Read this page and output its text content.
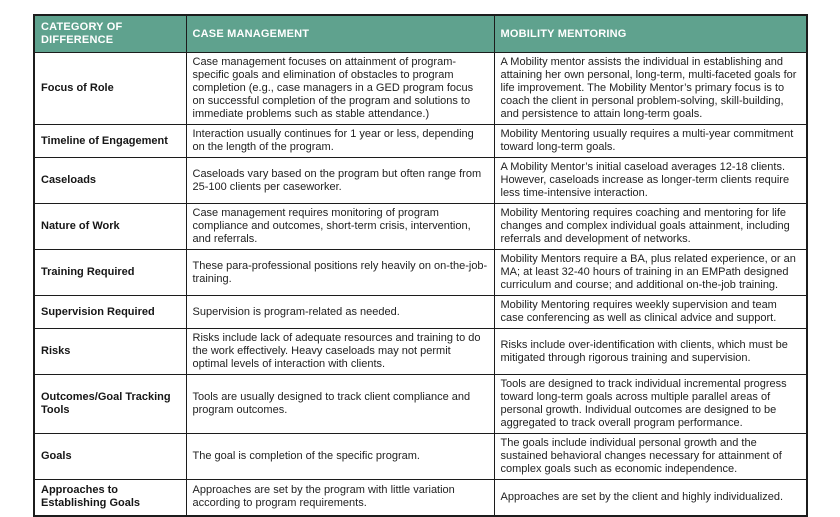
CATEGORY OF DIFFERENCE	CASE MANAGEMENT	MOBILITY MENTORING
Focus of Role	Case management focuses on attainment of program-specific goals and elimination of obstacles to program completion (e.g., case managers in a GED program focus on successful completion of the program and solutions to immediate problems such as stable attendance.)	A Mobility mentor assists the individual in establishing and attaining her own personal, long-term, multi-faceted goals for life improvement. The Mobility Mentor’s primary focus is to coach the client in personal problem-solving, skill-building, and persistence to attain long-term goals.
Timeline of Engagement	Interaction usually continues for 1 year or less, depending on the length of the program.	Mobility Mentoring usually requires a multi-year commitment toward long-term goals.
Caseloads	Caseloads vary based on the program but often range from 25-100 clients per caseworker.	A Mobility Mentor’s initial caseload averages 12-18 clients. However, caseloads increase as longer-term clients require less time-intensive interaction.
Nature of Work	Case management requires monitoring of program compliance and outcomes, short-term crisis, intervention, and referrals.	Mobility Mentoring requires coaching and mentoring for life changes and complex individual goals attainment, including referrals and development of networks.
Training Required	These para-professional positions rely heavily on on-the-job-training.	Mobility Mentors require a BA, plus related experience, or an MA; at least 32-40 hours of training in an EMPath designed curriculum and course; and additional on-the-job training.
Supervision Required	Supervision is program-related as needed.	Mobility Mentoring requires weekly supervision and team case conferencing as well as clinical advice and support.
Risks	Risks include lack of adequate resources and training to do the work effectively. Heavy caseloads may not permit optimal levels of interaction with clients.	Risks include over-identification with clients, which must be mitigated through rigorous training and supervision.
Outcomes/Goal Tracking Tools	Tools are usually designed to track client compliance and program outcomes.	Tools are designed to track individual incremental progress toward long-term goals across multiple parallel areas of personal growth. Individual outcomes are designed to be aggregated to track overall program performance.
Goals	The goal is completion of the specific program.	The goals include individual personal growth and the sustained behavioral changes necessary for attainment of complex goals such as economic independence.
Approaches to Establishing Goals	Approaches are set by the program with little variation according to program requirements.	Approaches are set by the client and highly individualized.
